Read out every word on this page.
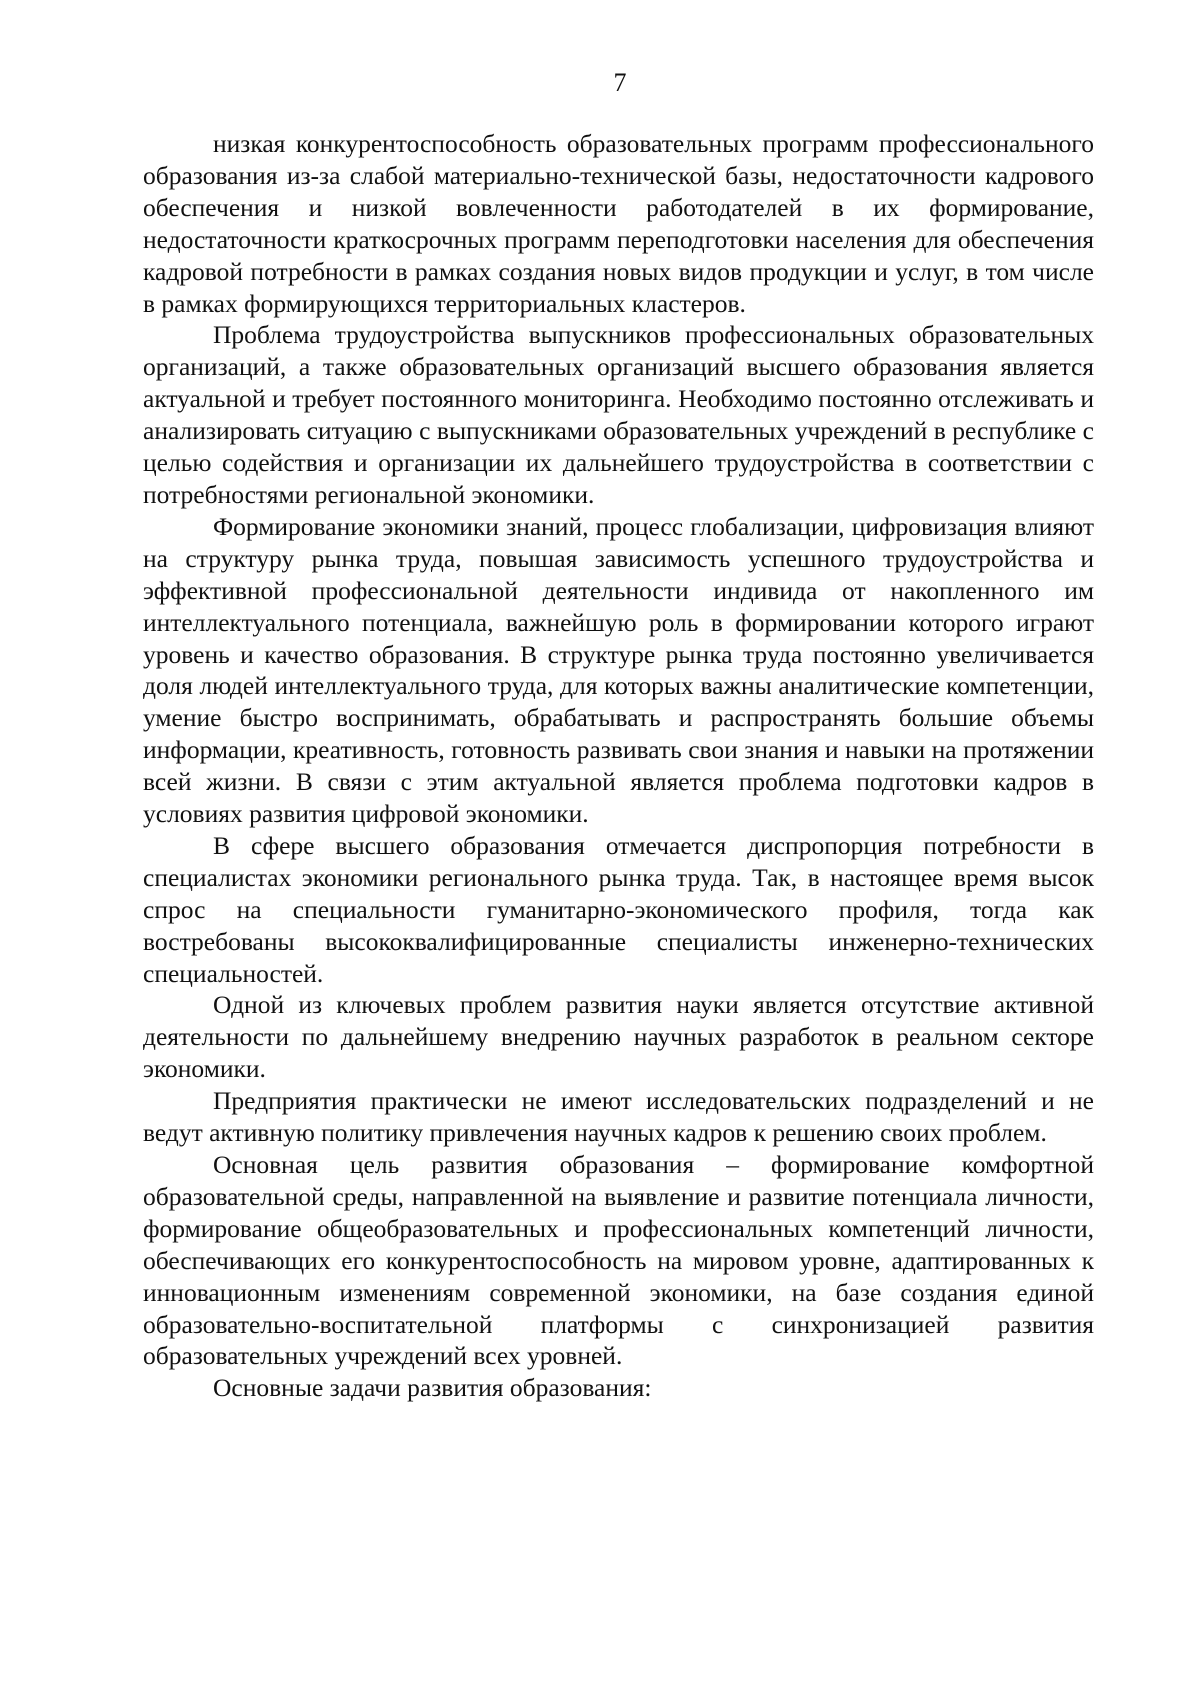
7

низкая конкурентоспособность образовательных программ профессионального образования из-за слабой материально-технической базы, недостаточности кадрового обеспечения и низкой вовлеченности работодателей в их формирование, недостаточности краткосрочных программ переподготовки населения для обеспечения кадровой потребности в рамках создания новых видов продукции и услуг, в том числе в рамках формирующихся территориальных кластеров.

Проблема трудоустройства выпускников профессиональных образовательных организаций, а также образовательных организаций высшего образования является актуальной и требует постоянного мониторинга. Необходимо постоянно отслеживать и анализировать ситуацию с выпускниками образовательных учреждений в республике с целью содействия и организации их дальнейшего трудоустройства в соответствии с потребностями региональной экономики.

Формирование экономики знаний, процесс глобализации, цифровизация влияют на структуру рынка труда, повышая зависимость успешного трудоустройства и эффективной профессиональной деятельности индивида от накопленного им интеллектуального потенциала, важнейшую роль в формировании которого играют уровень и качество образования. В структуре рынка труда постоянно увеличивается доля людей интеллектуального труда, для которых важны аналитические компетенции, умение быстро воспринимать, обрабатывать и распространять большие объемы информации, креативность, готовность развивать свои знания и навыки на протяжении всей жизни. В связи с этим актуальной является проблема подготовки кадров в условиях развития цифровой экономики.

В сфере высшего образования отмечается диспропорция потребности в специалистах экономики регионального рынка труда. Так, в настоящее время высок спрос на специальности гуманитарно-экономического профиля, тогда как востребованы высококвалифицированные специалисты инженерно-технических специальностей.

Одной из ключевых проблем развития науки является отсутствие активной деятельности по дальнейшему внедрению научных разработок в реальном секторе экономики.

Предприятия практически не имеют исследовательских подразделений и не ведут активную политику привлечения научных кадров к решению своих проблем.

Основная цель развития образования – формирование комфортной образовательной среды, направленной на выявление и развитие потенциала личности, формирование общеобразовательных и профессиональных компетенций личности, обеспечивающих его конкурентоспособность на мировом уровне, адаптированных к инновационным изменениям современной экономики, на базе создания единой образовательно-воспитательной платформы с синхронизацией развития образовательных учреждений всех уровней.

Основные задачи развития образования:
